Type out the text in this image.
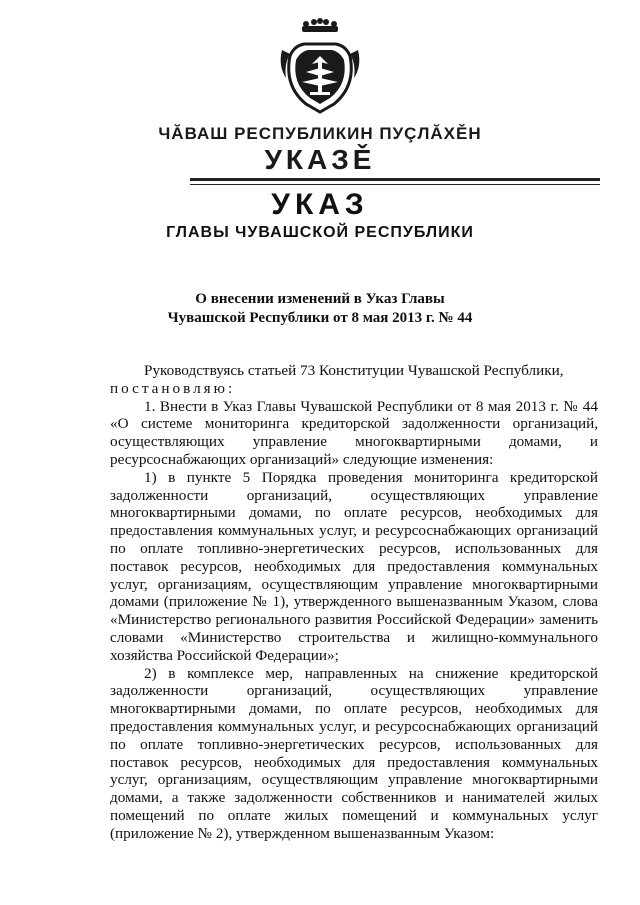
ЧĂВАШ РЕСПУБЛИКИН ПУÇЛĂХĚН
УКАЗĚ
УКАЗ
ГЛАВЫ ЧУВАШСКОЙ РЕСПУБЛИКИ
О внесении изменений в Указ Главы
Чувашской Республики от 8 мая 2013 г. № 44

Руководствуясь статьей 73 Конституции Чувашской Республики,

постановляю:

1. Внести в Указ Главы Чувашской Республики от 8 мая 2013 г. № 44 «О системе мониторинга кредиторской задолженности организаций, осуществляющих управление многоквартирными домами, и ресурсоснабжающих организаций» следующие изменения:

1) в пункте 5 Порядка проведения мониторинга кредиторской задолженности организаций, осуществляющих управление многоквартирными домами, по оплате ресурсов, необходимых для предоставления коммунальных услуг, и ресурсоснабжающих организаций по оплате топливно-энергетических ресурсов, использованных для поставок ресурсов, необходимых для предоставления коммунальных услуг, организациям, осуществляющим управление многоквартирными домами (приложение № 1), утвержденного вышеназванным Указом, слова «Министерство регионального развития Российской Федерации» заменить словами «Министерство строительства и жилищно-коммунального хозяйства Российской Федерации»;

2) в комплексе мер, направленных на снижение кредиторской задолженности организаций, осуществляющих управление многоквартирными домами, по оплате ресурсов, необходимых для предоставления коммунальных услуг, и ресурсоснабжающих организаций по оплате топливно-энергетических ресурсов, использованных для поставок ресурсов, необходимых для предоставления коммунальных услуг, организациям, осуществляющим управление многоквартирными домами, а также задолженности собственников и нанимателей жилых помещений по оплате жилых помещений и коммунальных услуг (приложение № 2), утвержденном вышеназванным Указом:
